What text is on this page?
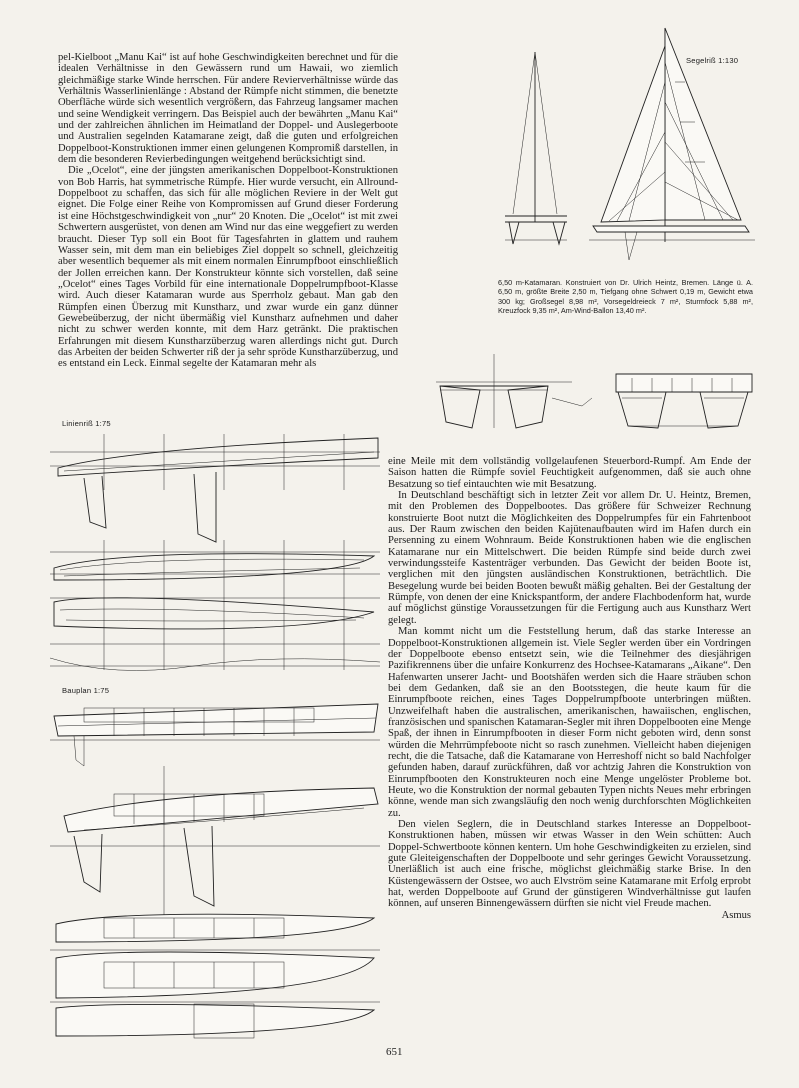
pel-Kielboot „Manu Kai“ ist auf hohe Geschwindigkeiten berechnet und für die idealen Verhältnisse in den Gewässern rund um Hawaii, wo ziemlich gleichmäßige starke Winde herrschen. Für andere Revierverhältnisse würde das Verhältnis Wasserlinienlänge : Abstand der Rümpfe nicht stimmen, die benetzte Oberfläche würde sich wesentlich vergrößern, das Fahrzeug langsamer machen und seine Wendigkeit verringern. Das Beispiel auch der bewährten „Manu Kai“ und der zahlreichen ähnlichen im Heimatland der Doppel- und Auslegerboote und Australien segelnden Katamarane zeigt, daß die guten und erfolgreichen Doppelboot-Konstruktionen immer einen gelungenen Kompromiß darstellen, in dem die besonderen Revierbedingungen weitgehend berücksichtigt sind.

Die „Ocelot“, eine der jüngsten amerikanischen Doppelboot-Konstruktionen von Bob Harris, hat symmetrische Rümpfe. Hier wurde versucht, ein Allround-Doppelboot zu schaffen, das sich für alle möglichen Reviere in der Welt gut eignet. Die Folge einer Reihe von Kompromissen auf Grund dieser Forderung ist eine Höchstgeschwindigkeit von „nur“ 20 Knoten. Die „Ocelot“ ist mit zwei Schwertern ausgerüstet, von denen am Wind nur das eine weggefiert zu werden braucht. Dieser Typ soll ein Boot für Tagesfahrten in glattem und rauhem Wasser sein, mit dem man ein beliebiges Ziel doppelt so schnell, gleichzeitig aber wesentlich bequemer als mit einem normalen Einrumpfboot einschließlich der Jollen erreichen kann. Der Konstrukteur könnte sich vorstellen, daß seine „Ocelot“ eines Tages Vorbild für eine internationale Doppelrumpfboot-Klasse wird. Auch dieser Katamaran wurde aus Sperrholz gebaut. Man gab den Rümpfen einen Überzug mit Kunstharz, und zwar wurde ein ganz dünner Gewebeüberzug, der nicht übermäßig viel Kunstharz aufnehmen und daher nicht zu schwer werden konnte, mit dem Harz getränkt. Die praktischen Erfahrungen mit diesem Kunstharzüberzug waren allerdings nicht gut. Durch das Arbeiten der beiden Schwerter riß der ja sehr spröde Kunstharzüberzug, und es entstand ein Leck. Einmal segelte der Katamaran mehr als

Segelriß 1:130
6,50 m-Katamaran. Konstruiert von Dr. Ulrich Heintz, Bremen. Länge ü. A. 6,50 m, größte Breite 2,50 m, Tiefgang ohne Schwert 0,19 m, Gewicht etwa 300 kg; Großsegel 8,98 m², Vorsegeldreieck 7 m², Sturmfock 5,88 m², Kreuzfock 9,35 m², Am-Wind-Ballon 13,40 m².
Linienriß 1:75
Bauplan 1:75

eine Meile mit dem vollständig vollgelaufenen Steuerbord-Rumpf. Am Ende der Saison hatten die Rümpfe soviel Feuchtigkeit aufgenommen, daß sie auch ohne Besatzung so tief eintauchten wie mit Besatzung.

In Deutschland beschäftigt sich in letzter Zeit vor allem Dr. U. Heintz, Bremen, mit den Problemen des Doppelbootes. Das größere für Schweizer Rechnung konstruierte Boot nutzt die Möglichkeiten des Doppelrumpfes für ein Fahrtenboot aus. Der Raum zwischen den beiden Kajütenaufbauten wird im Hafen durch ein Persenning zu einem Wohnraum. Beide Konstruktionen haben wie die englischen Katamarane nur ein Mittelschwert. Die beiden Rümpfe sind beide durch zwei verwindungssteife Kastenträger verbunden. Das Gewicht der beiden Boote ist, verglichen mit den jüngsten ausländischen Konstruktionen, beträchtlich. Die Besegelung wurde bei beiden Booten bewußt mäßig gehalten. Bei der Gestaltung der Rümpfe, von denen der eine Knickspantform, der andere Flachbodenform hat, wurde auf möglichst günstige Voraussetzungen für die Fertigung auch aus Kunstharz Wert gelegt.

Man kommt nicht um die Feststellung herum, daß das starke Interesse an Doppelboot-Konstruktionen allgemein ist. Viele Segler werden über ein Vordringen der Doppelboote ebenso entsetzt sein, wie die Teilnehmer des diesjährigen Pazifikrennens über die unfaire Konkurrenz des Hochsee-Katamarans „Aikane“. Den Hafenwarten unserer Jacht- und Bootshäfen werden sich die Haare sträuben schon bei dem Gedanken, daß sie an den Bootsstegen, die heute kaum für die Einrumpfboote reichen, eines Tages Doppelrumpfboote unterbringen müßten. Unzweifelhaft haben die australischen, amerikanischen, hawaiischen, englischen, französischen und spanischen Katamaran-Segler mit ihren Doppelbooten eine Menge Spaß, der ihnen in Einrumpfbooten in dieser Form nicht geboten wird, denn sonst würden die Mehrrümpfeboote nicht so rasch zunehmen. Vielleicht haben diejenigen recht, die die Tatsache, daß die Katamarane von Herreshoff nicht so bald Nachfolger gefunden haben, darauf zurückführen, daß vor achtzig Jahren die Konstruktion von Einrumpfbooten den Konstrukteuren noch eine Menge ungelöster Probleme bot. Heute, wo die Konstruktion der normal gebauten Typen nichts Neues mehr erbringen könne, wende man sich zwangsläufig den noch wenig durchforschten Möglichkeiten zu.

Den vielen Seglern, die in Deutschland starkes Interesse an Doppelboot-Konstruktionen haben, müssen wir etwas Wasser in den Wein schütten: Auch Doppel-Schwertboote können kentern. Um hohe Geschwindigkeiten zu erzielen, sind gute Gleiteigenschaften der Doppelboote und sehr geringes Gewicht Voraussetzung. Unerläßlich ist auch eine frische, möglichst gleichmäßig starke Brise. In den Küstengewässern der Ostsee, wo auch Elvström seine Katamarane mit Erfolg erprobt hat, werden Doppelboote auf Grund der günstigeren Windverhältnisse gut laufen können, auf unseren Binnengewässern dürften sie nicht viel Freude machen.

Asmus

651
